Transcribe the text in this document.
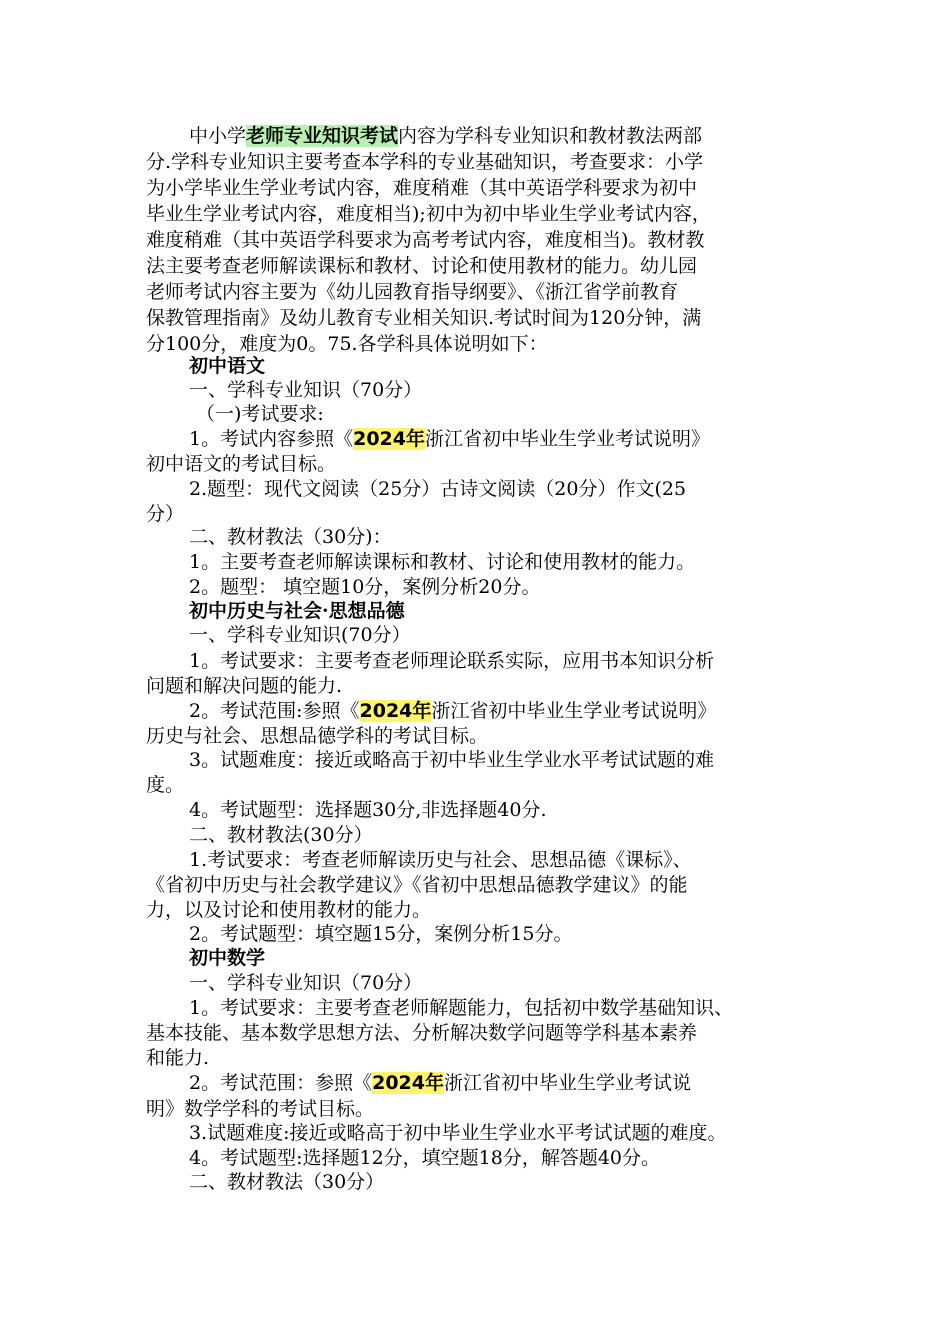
中小学老师专业知识考试内容为学科专业知识和教材教法两部

分.学科专业知识主要考查本学科的专业基础知识，考查要求：小学

为小学毕业生学业考试内容，难度稍难（其中英语学科要求为初中

毕业生学业考试内容，难度相当);初中为初中毕业生学业考试内容，

难度稍难（其中英语学科要求为高考考试内容，难度相当)。教材教

法主要考查老师解读课标和教材、讨论和使用教材的能力。幼儿园

老师考试内容主要为《幼儿园教育指导纲要》、《浙江省学前教育

保教管理指南》及幼儿教育专业相关知识.考试时间为120分钟，满

分100分，难度为0。75.各学科具体说明如下：

初中语文

一、学科专业知识（70分）

（一)考试要求:

1。考试内容参照《2024年浙江省初中毕业生学业考试说明》

初中语文的考试目标。

2.题型：现代文阅读（25分）古诗文阅读（20分）作文(25

分）

二、教材教法（30分)：

1。主要考查老师解读课标和教材、讨论和使用教材的能力。

2。题型： 填空题10分，案例分析20分。

初中历史与社会·思想品德

一、学科专业知识(70分）

1。考试要求：主要考查老师理论联系实际，应用书本知识分析

问题和解决问题的能力.

2。考试范围:参照《2024年浙江省初中毕业生学业考试说明》

历史与社会、思想品德学科的考试目标。

3。试题难度：接近或略高于初中毕业生学业水平考试试题的难

度。

4。考试题型：选择题30分,非选择题40分.

二、教材教法(30分）

1.考试要求：考查老师解读历史与社会、思想品德《课标》、

《省初中历史与社会教学建议》《省初中思想品德教学建议》的能

力，以及讨论和使用教材的能力。

2。考试题型：填空题15分，案例分析15分。

初中数学

一、学科专业知识（70分）

1。考试要求：主要考查老师解题能力，包括初中数学基础知识、

基本技能、基本数学思想方法、分析解决数学问题等学科基本素养

和能力.

2。考试范围：参照《2024年浙江省初中毕业生学业考试说

明》数学学科的考试目标。

3.试题难度:接近或略高于初中毕业生学业水平考试试题的难度。

4。考试题型:选择题12分，填空题18分，解答题40分。

二、教材教法（30分）
